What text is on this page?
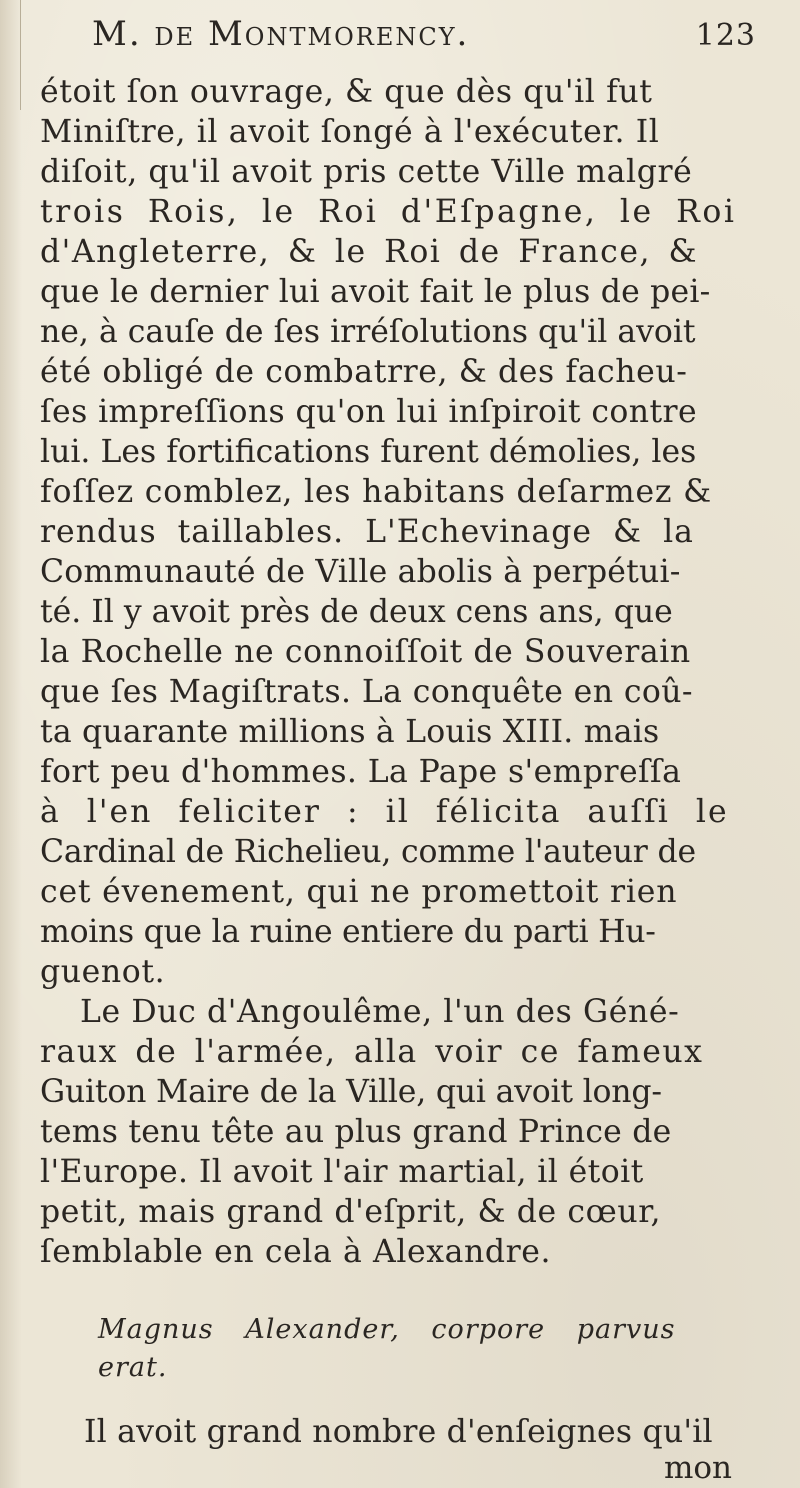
M. de Montmorency.	123
étoit ſon ouvrage, & que dès qu'il fut
Miniſtre, il avoit ſongé à l'exécuter. Il
diſoit, qu'il avoit pris cette Ville malgré
trois Rois, le Roi d'Eſpagne, le Roi
d'Angleterre, & le Roi de France, &
que le dernier lui avoit fait le plus de pei-
ne, à cauſe de ſes irréſolutions qu'il avoit
été obligé de combatrre, & des facheu-
ſes impreſſions qu'on lui inſpiroit contre
lui. Les fortifications furent démolies, les
foſſez comblez, les habitans deſarmez &
rendus taillables. L'Echevinage & la
Communauté de Ville abolis à perpétui-
té. Il y avoit près de deux cens ans, que
la Rochelle ne connoiſſoit de Souverain
que ſes Magiſtrats. La conquête en coû-
ta quarante millions à Louis XIII. mais
fort peu d'hommes. La Pape s'empreſſa
à l'en feliciter : il félicita auſſi le
Cardinal de Richelieu, comme l'auteur de
cet évenement, qui ne promettoit rien
moins que la ruine entiere du parti Hu-
guenot.
Le Duc d'Angoulême, l'un des Géné-
raux de l'armée, alla voir ce fameux
Guiton Maire de la Ville, qui avoit long-
tems tenu tête au plus grand Prince de
l'Europe. Il avoit l'air martial, il étoit
petit, mais grand d'eſprit, & de cœur,
ſemblable en cela à Alexandre.
Magnus Alexander, corpore parvus
erat.
Il avoit grand nombre d'enſeignes qu'il
mon
